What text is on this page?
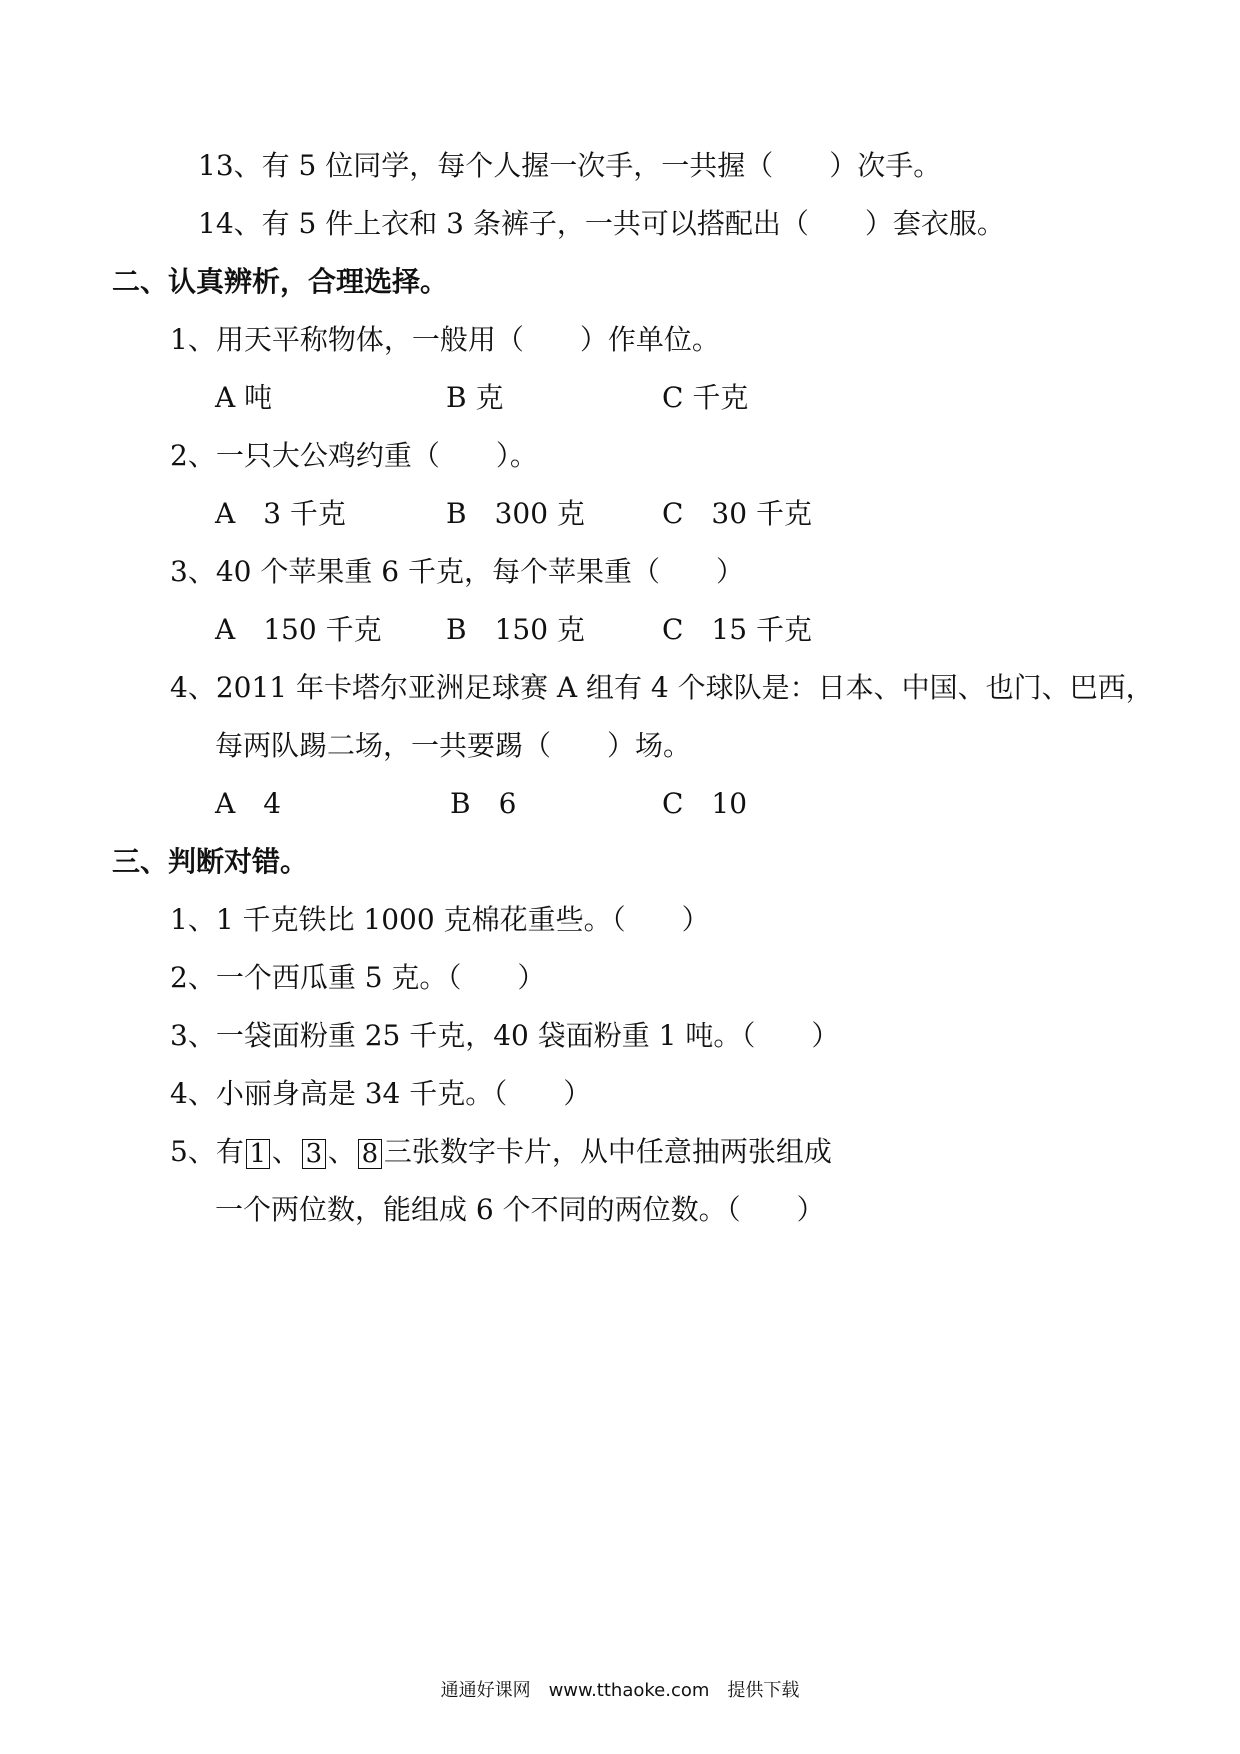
13、有 5 位同学，每个人握一次手，一共握（　　）次手。
14、有 5 件上衣和 3 条裤子，一共可以搭配出（　　）套衣服。
二、认真辨析，合理选择。
1、用天平称物体，一般用（　　）作单位。
A 吨	B 克	C 千克
2、一只大公鸡约重（　　）。
A　3 千克	B　300 克	C　30 千克
3、40 个苹果重 6 千克，每个苹果重（　　）
A　150 千克 B　150 克	C　15 千克
4、2011 年卡塔尔亚洲足球赛 A 组有 4 个球队是：日本、中国、也门、巴西，
每两队踢二场，一共要踢（　　）场。
A　4	B　6	C　10
三、判断对错。
1、1 千克铁比 1000 克棉花重些。（　　）
2、一个西瓜重 5 克。（　　）
3、一袋面粉重 25 千克，40 袋面粉重 1 吨。（　　）
4、小丽身高是 34 千克。（　　）
5、有 1 、 3 、 8 三张数字卡片，从中任意抽两张组成
一个两位数，能组成 6 个不同的两位数。（　　）
通通好课网　www.tthaoke.com　提供下载
